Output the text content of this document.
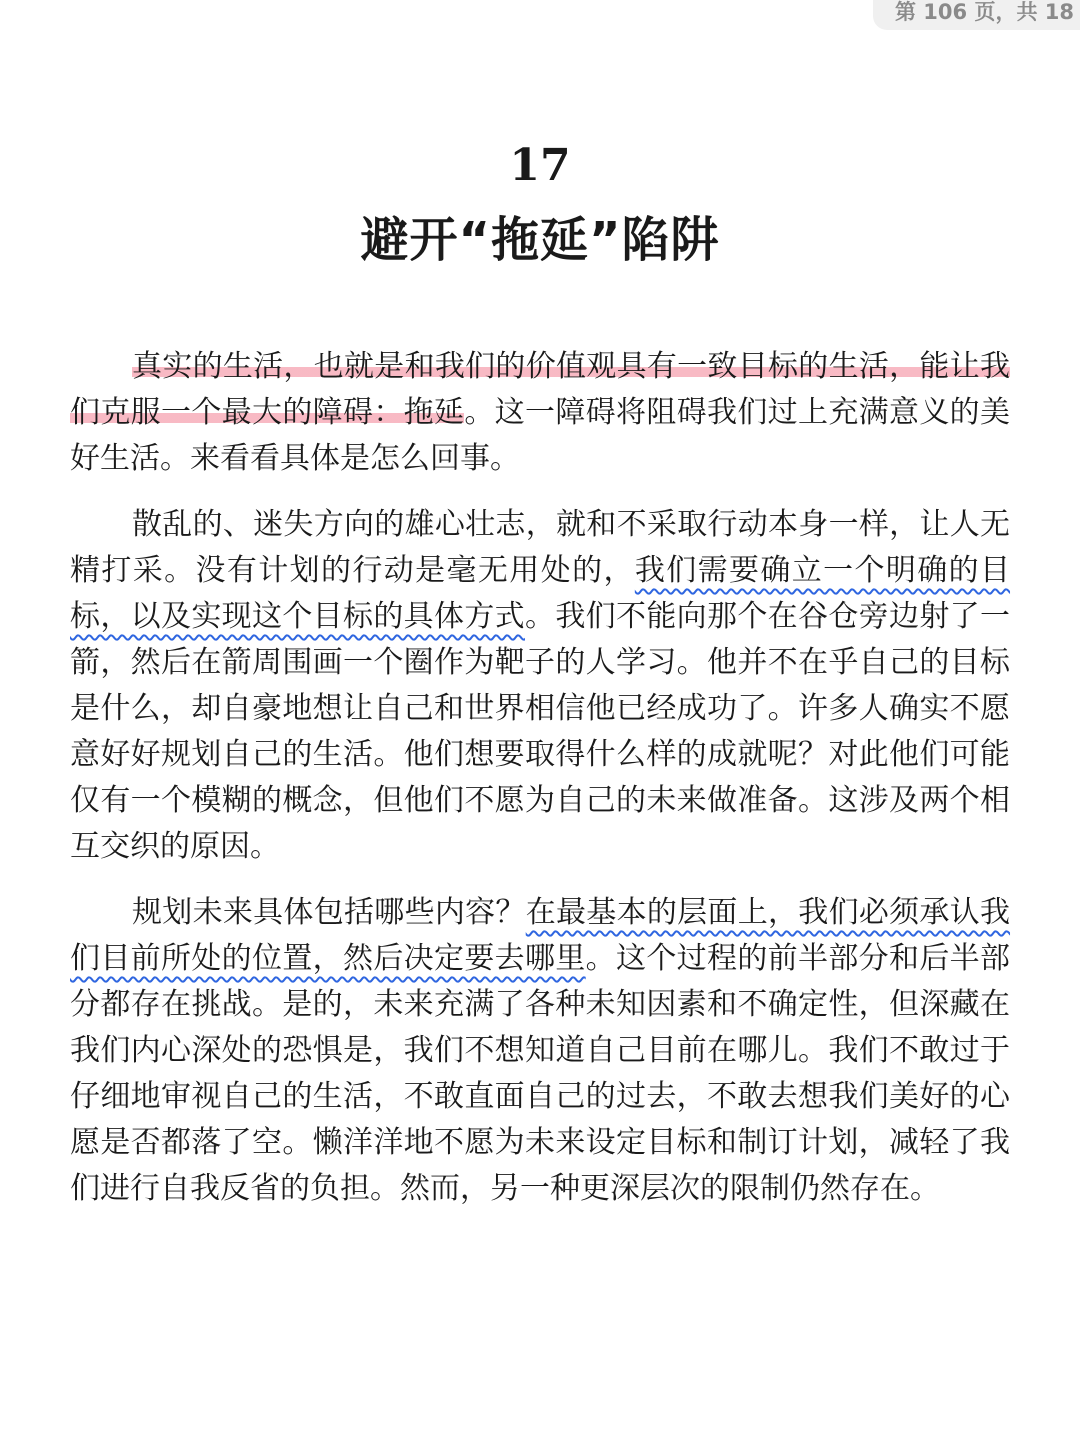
第 106 页，共 18
17
避开“拖延”陷阱

真实的生活，也就是和我们的价值观具有一致目标的生活，能让我们克服一个最大的障碍：拖延。这一障碍将阻碍我们过上充满意义的美好生活。来看看具体是怎么回事。

散乱的、迷失方向的雄心壮志，就和不采取行动本身一样，让人无精打采。没有计划的行动是毫无用处的，我们需要确立一个明确的目标，以及实现这个目标的具体方式。我们不能向那个在谷仓旁边射了一箭，然后在箭周围画一个圈作为靶子的人学习。他并不在乎自己的目标是什么，却自豪地想让自己和世界相信他已经成功了。许多人确实不愿意好好规划自己的生活。他们想要取得什么样的成就呢？对此他们可能仅有一个模糊的概念，但他们不愿为自己的未来做准备。这涉及两个相互交织的原因。

规划未来具体包括哪些内容？在最基本的层面上，我们必须承认我们目前所处的位置，然后决定要去哪里。这个过程的前半部分和后半部分都存在挑战。是的，未来充满了各种未知因素和不确定性，但深藏在我们内心深处的恐惧是，我们不想知道自己目前在哪儿。我们不敢过于仔细地审视自己的生活，不敢直面自己的过去，不敢去想我们美好的心愿是否都落了空。懒洋洋地不愿为未来设定目标和制订计划，减轻了我们进行自我反省的负担。然而，另一种更深层次的限制仍然存在。
